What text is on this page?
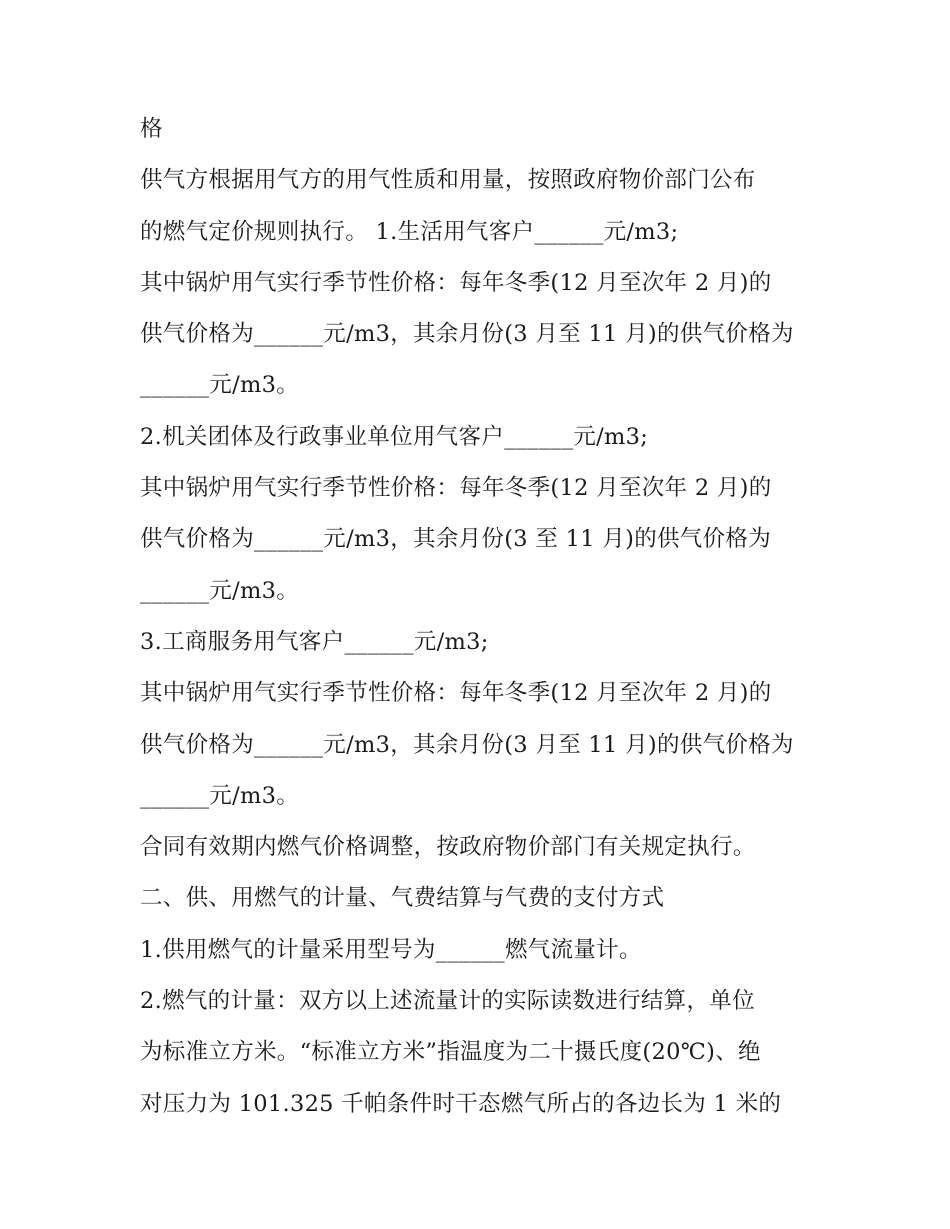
格
供气方根据用气方的用气性质和用量，按照政府物价部门公布
的燃气定价规则执行。 1.生活用气客户______元/m3;
其中锅炉用气实行季节性价格：每年冬季(12 月至次年 2 月)的
供气价格为______元/m3，其余月份(3 月至 11 月)的供气价格为
______元/m3。
2.机关团体及行政事业单位用气客户______元/m3;
其中锅炉用气实行季节性价格：每年冬季(12 月至次年 2 月)的
供气价格为______元/m3，其余月份(3 至 11 月)的供气价格为
______元/m3。
3.工商服务用气客户______元/m3;
其中锅炉用气实行季节性价格：每年冬季(12 月至次年 2 月)的
供气价格为______元/m3，其余月份(3 月至 11 月)的供气价格为
______元/m3。
合同有效期内燃气价格调整，按政府物价部门有关规定执行。
二、供、用燃气的计量、气费结算与气费的支付方式
1.供用燃气的计量采用型号为______燃气流量计。
2.燃气的计量：双方以上述流量计的实际读数进行结算，单位
为标准立方米。“标准立方米”指温度为二十摄氏度(20℃)、绝
对压力为 101.325 千帕条件时干态燃气所占的各边长为 1 米的
